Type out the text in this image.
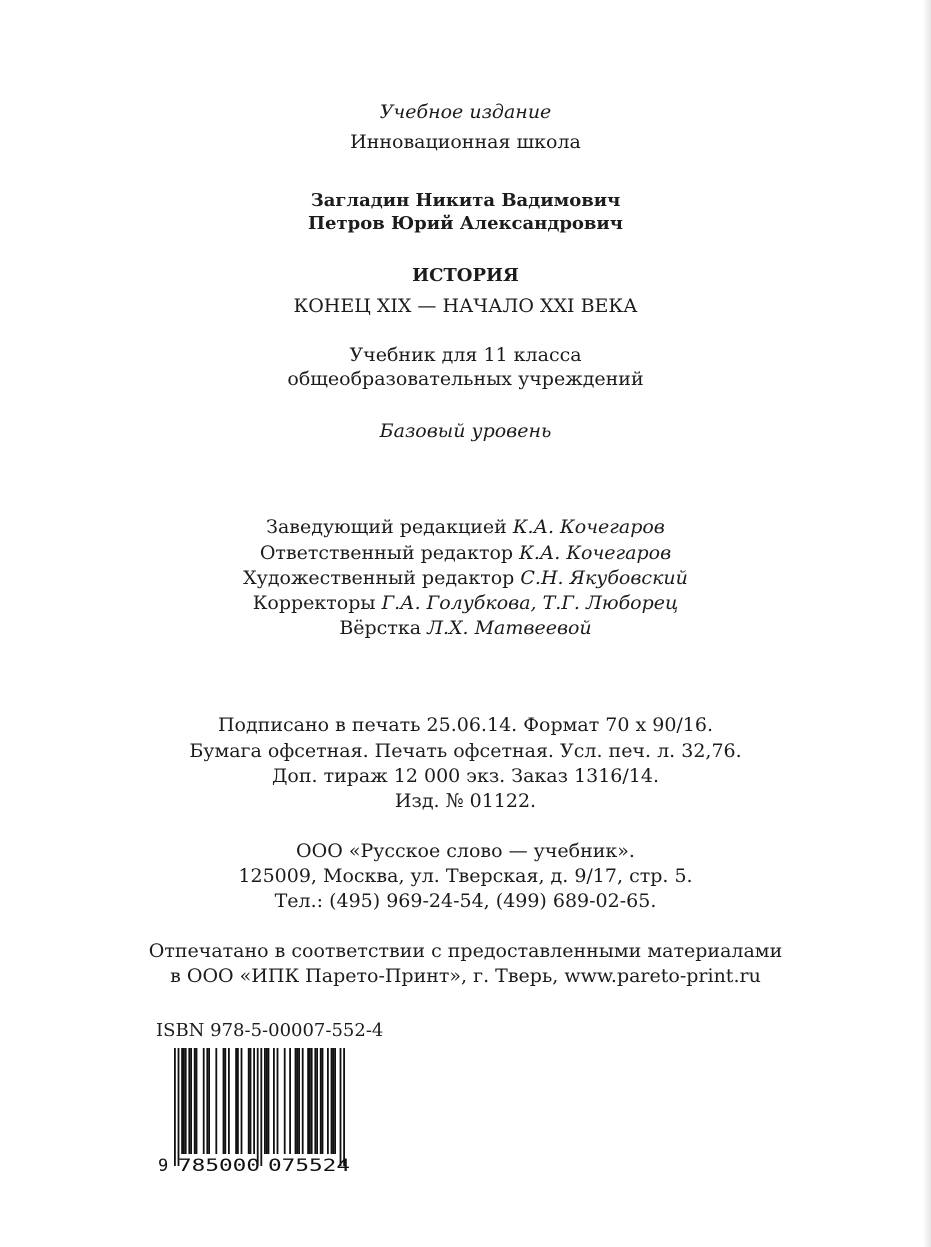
Учебное издание
Инновационная школа
Загладин Никита Вадимович
Петров Юрий Александрович
ИСТОРИЯ
КОНЕЦ XIX — НАЧАЛО XXI ВЕКА
Учебник для 11 класса
общеобразовательных учреждений
Базовый уровень
Заведующий редакцией К.А. Кочегаров
Ответственный редактор К.А. Кочегаров
Художественный редактор С.Н. Якубовский
Корректоры Г.А. Голубкова, Т.Г. Люборец
Вёрстка Л.Х. Матвеевой
Подписано в печать 25.06.14. Формат 70 х 90/16.
Бумага офсетная. Печать офсетная. Усл. печ. л. 32,76.
Доп. тираж 12 000 экз. Заказ 1316/14.
Изд. № 01122.
ООО «Русское слово — учебник».
125009, Москва, ул. Тверская, д. 9/17, стр. 5.
Тел.: (495) 969-24-54, (499) 689-02-65.
Отпечатано в соответствии с предоставленными материалами
в ООО «ИПК Парето-Принт», г. Тверь, www.pareto-print.ru
ISBN 978-5-00007-552-4
9 785000 075524
